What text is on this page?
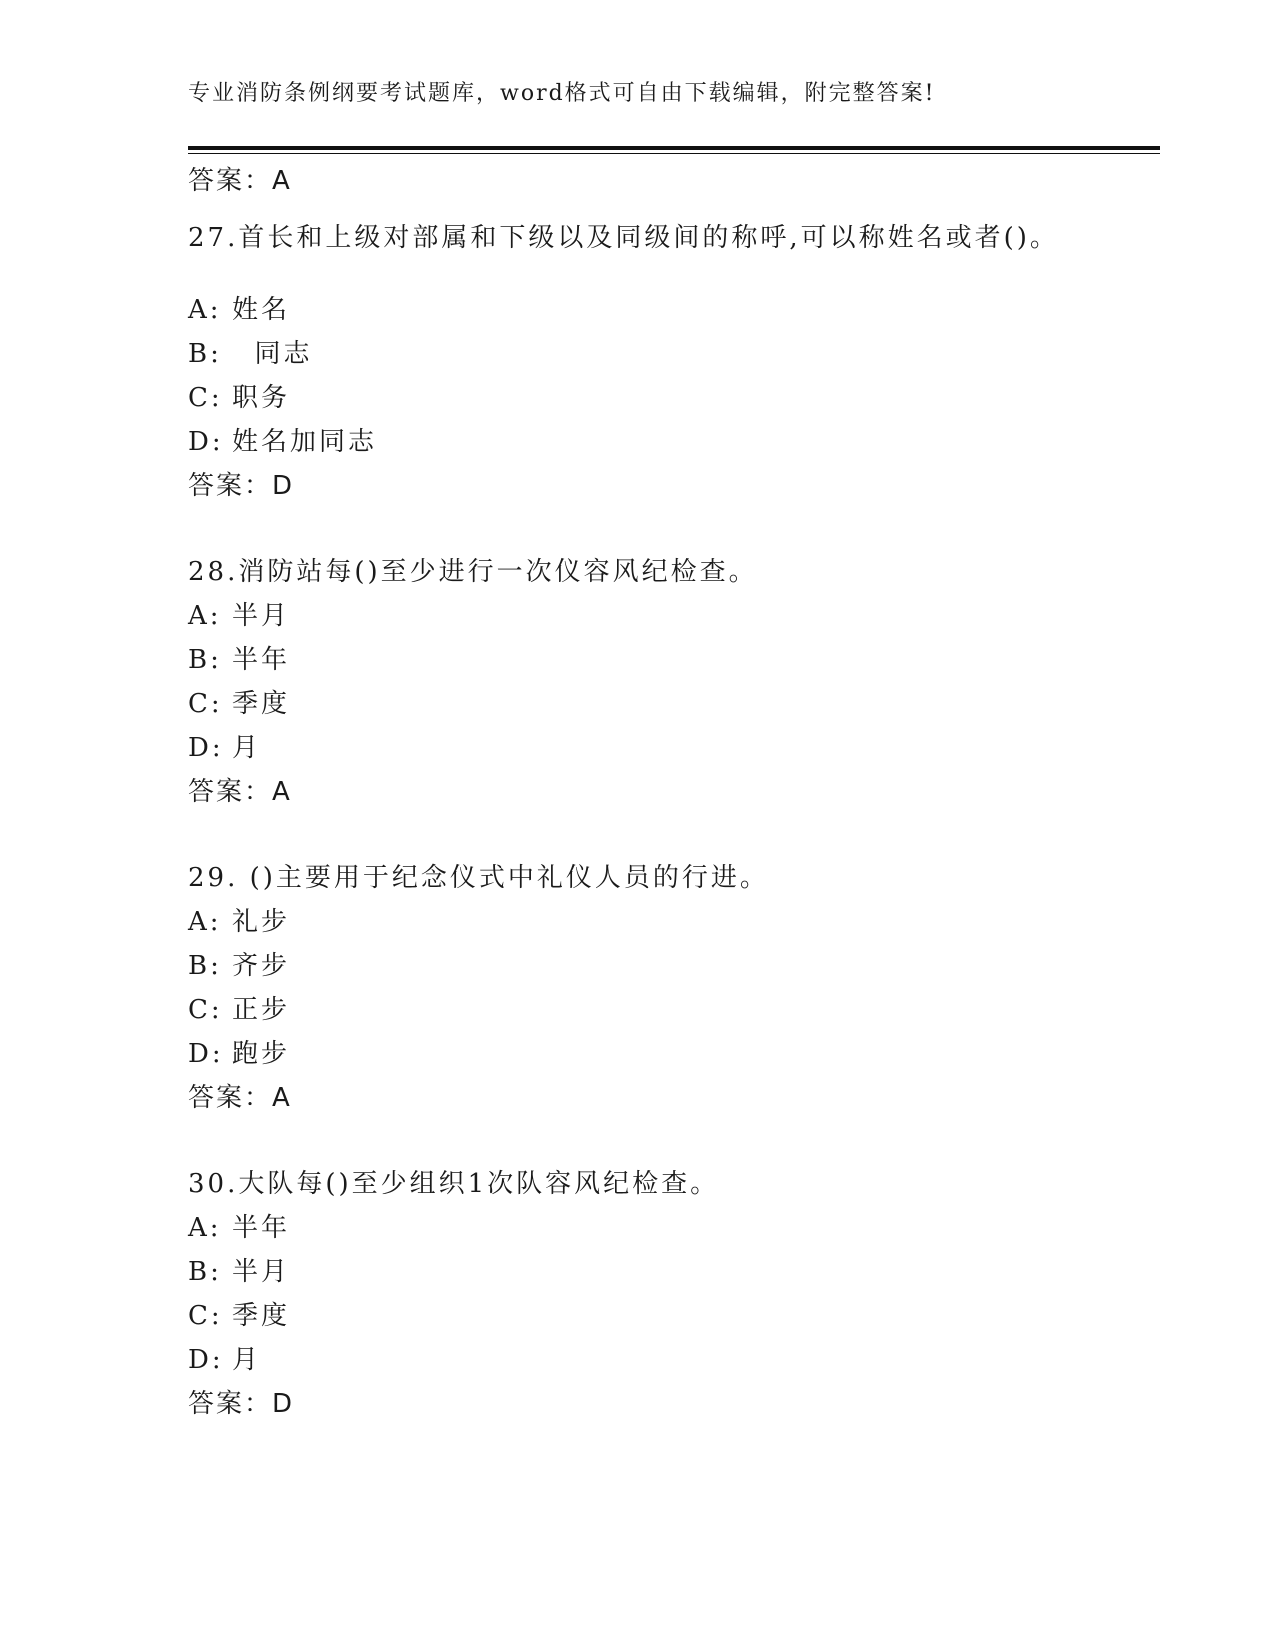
专业消防条例纲要考试题库，word格式可自由下载编辑，附完整答案!
答案：A
27.首长和上级对部属和下级以及同级间的称呼,可以称姓名或者()。
A: 姓名
B:  同志
C: 职务
D: 姓名加同志
答案：D
28.消防站每()至少进行一次仪容风纪检查。
A: 半月
B: 半年
C: 季度
D: 月
答案：A
29. ()主要用于纪念仪式中礼仪人员的行进。
A: 礼步
B: 齐步
C: 正步
D: 跑步
答案：A
30.大队每()至少组织1次队容风纪检查。
A: 半年
B: 半月
C: 季度
D: 月
答案：D
